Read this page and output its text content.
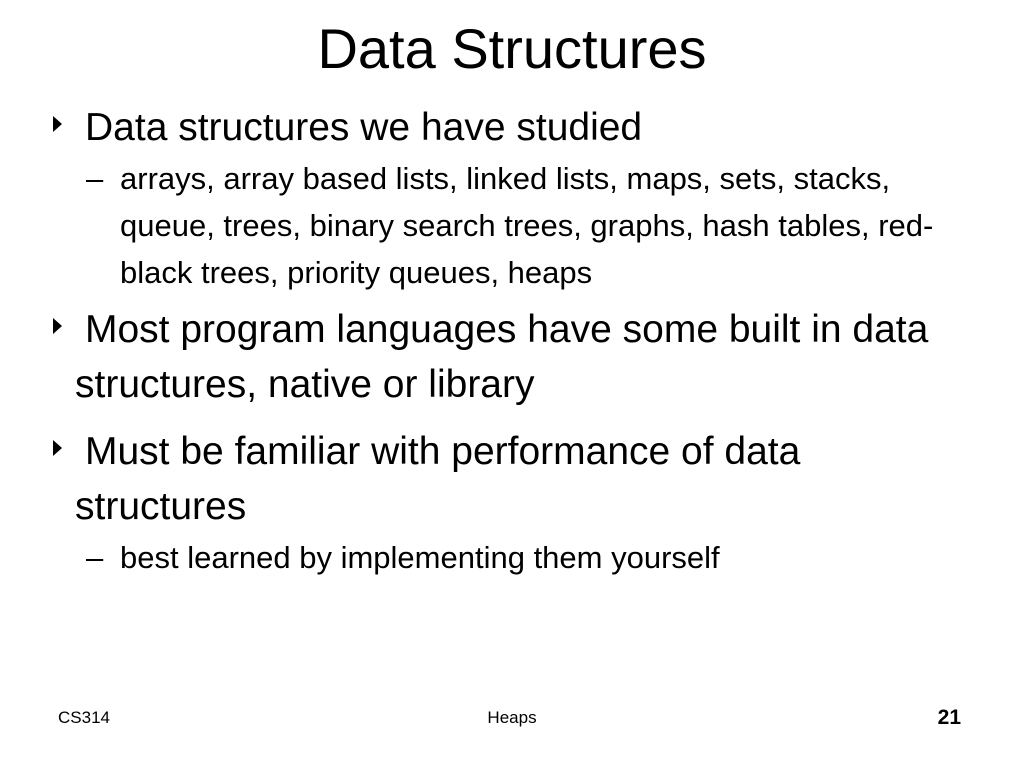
Data Structures
Data structures we have studied
– arrays, array based lists, linked lists, maps, sets, stacks, queue, trees, binary search trees, graphs, hash tables, red-black trees, priority queues, heaps
Most program languages have some built in data structures, native or library
Must be familiar with performance of data structures
– best learned by implementing them yourself
Heaps
CS314	21
